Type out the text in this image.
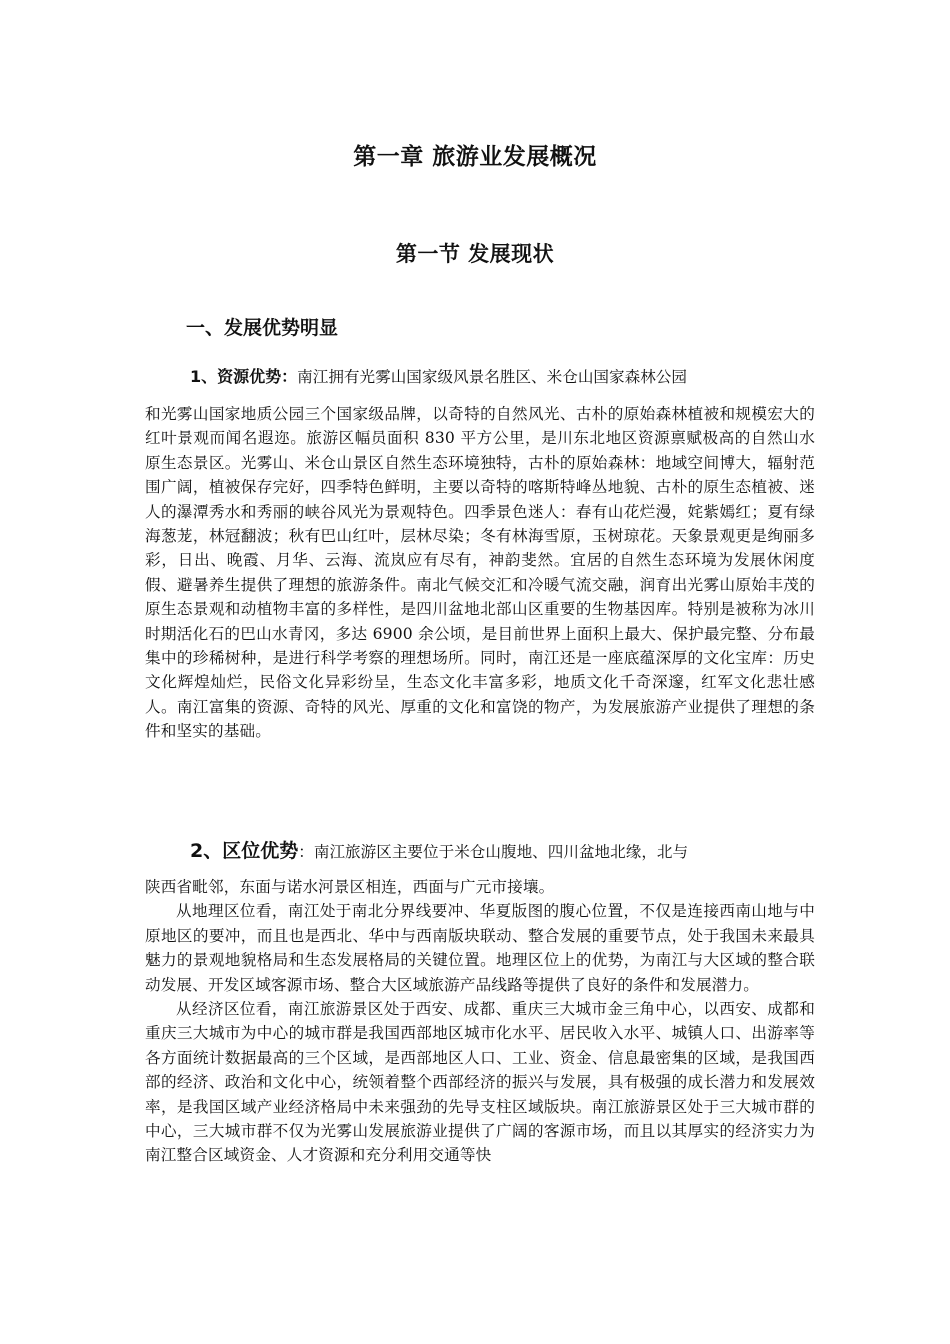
第一章 旅游业发展概况
第一节 发展现状
一、发展优势明显
1、资源优势：南江拥有光雾山国家级风景名胜区、米仓山国家森林公园

和光雾山国家地质公园三个国家级品牌，以奇特的自然风光、古朴的原始森林植被和规模宏大的红叶景观而闻名遐迩。旅游区幅员面积 830 平方公里，是川东北地区资源禀赋极高的自然山水原生态景区。光雾山、米仓山景区自然生态环境独特，古朴的原始森林：地域空间博大，辐射范围广阔，植被保存完好，四季特色鲜明，主要以奇特的喀斯特峰丛地貌、古朴的原生态植被、迷人的瀑潭秀水和秀丽的峡谷风光为景观特色。四季景色迷人：春有山花烂漫，姹紫嫣红；夏有绿海葱茏，林冠翻波；秋有巴山红叶，层林尽染；冬有林海雪原，玉树琼花。天象景观更是绚丽多彩，日出、晚霞、月华、云海、流岚应有尽有，神韵斐然。宜居的自然生态环境为发展休闲度假、避暑养生提供了理想的旅游条件。南北气候交汇和冷暖气流交融，润育出光雾山原始丰茂的原生态景观和动植物丰富的多样性，是四川盆地北部山区重要的生物基因库。特别是被称为冰川时期活化石的巴山水青冈，多达 6900 余公顷，是目前世界上面积上最大、保护最完整、分布最集中的珍稀树种，是进行科学考察的理想场所。同时，南江还是一座底蕴深厚的文化宝库：历史文化辉煌灿烂，民俗文化异彩纷呈，生态文化丰富多彩，地质文化千奇深邃，红军文化悲壮感人。南江富集的资源、奇特的风光、厚重的文化和富饶的物产，为发展旅游产业提供了理想的条件和坚实的基础。

2、区位优势：南江旅游区主要位于米仓山腹地、四川盆地北缘，北与

陕西省毗邻，东面与诺水河景区相连，西面与广元市接壤。

从地理区位看，南江处于南北分界线要冲、华夏版图的腹心位置，不仅是连接西南山地与中原地区的要冲，而且也是西北、华中与西南版块联动、整合发展的重要节点，处于我国未来最具魅力的景观地貌格局和生态发展格局的关键位置。地理区位上的优势，为南江与大区域的整合联动发展、开发区域客源市场、整合大区域旅游产品线路等提供了良好的条件和发展潜力。

从经济区位看，南江旅游景区处于西安、成都、重庆三大城市金三角中心，以西安、成都和重庆三大城市为中心的城市群是我国西部地区城市化水平、居民收入水平、城镇人口、出游率等各方面统计数据最高的三个区域，是西部地区人口、工业、资金、信息最密集的区域，是我国西部的经济、政治和文化中心，统领着整个西部经济的振兴与发展，具有极强的成长潜力和发展效率，是我国区域产业经济格局中未来强劲的先导支柱区域版块。南江旅游景区处于三大城市群的中心，三大城市群不仅为光雾山发展旅游业提供了广阔的客源市场，而且以其厚实的经济实力为南江整合区域资金、人才资源和充分利用交通等快
